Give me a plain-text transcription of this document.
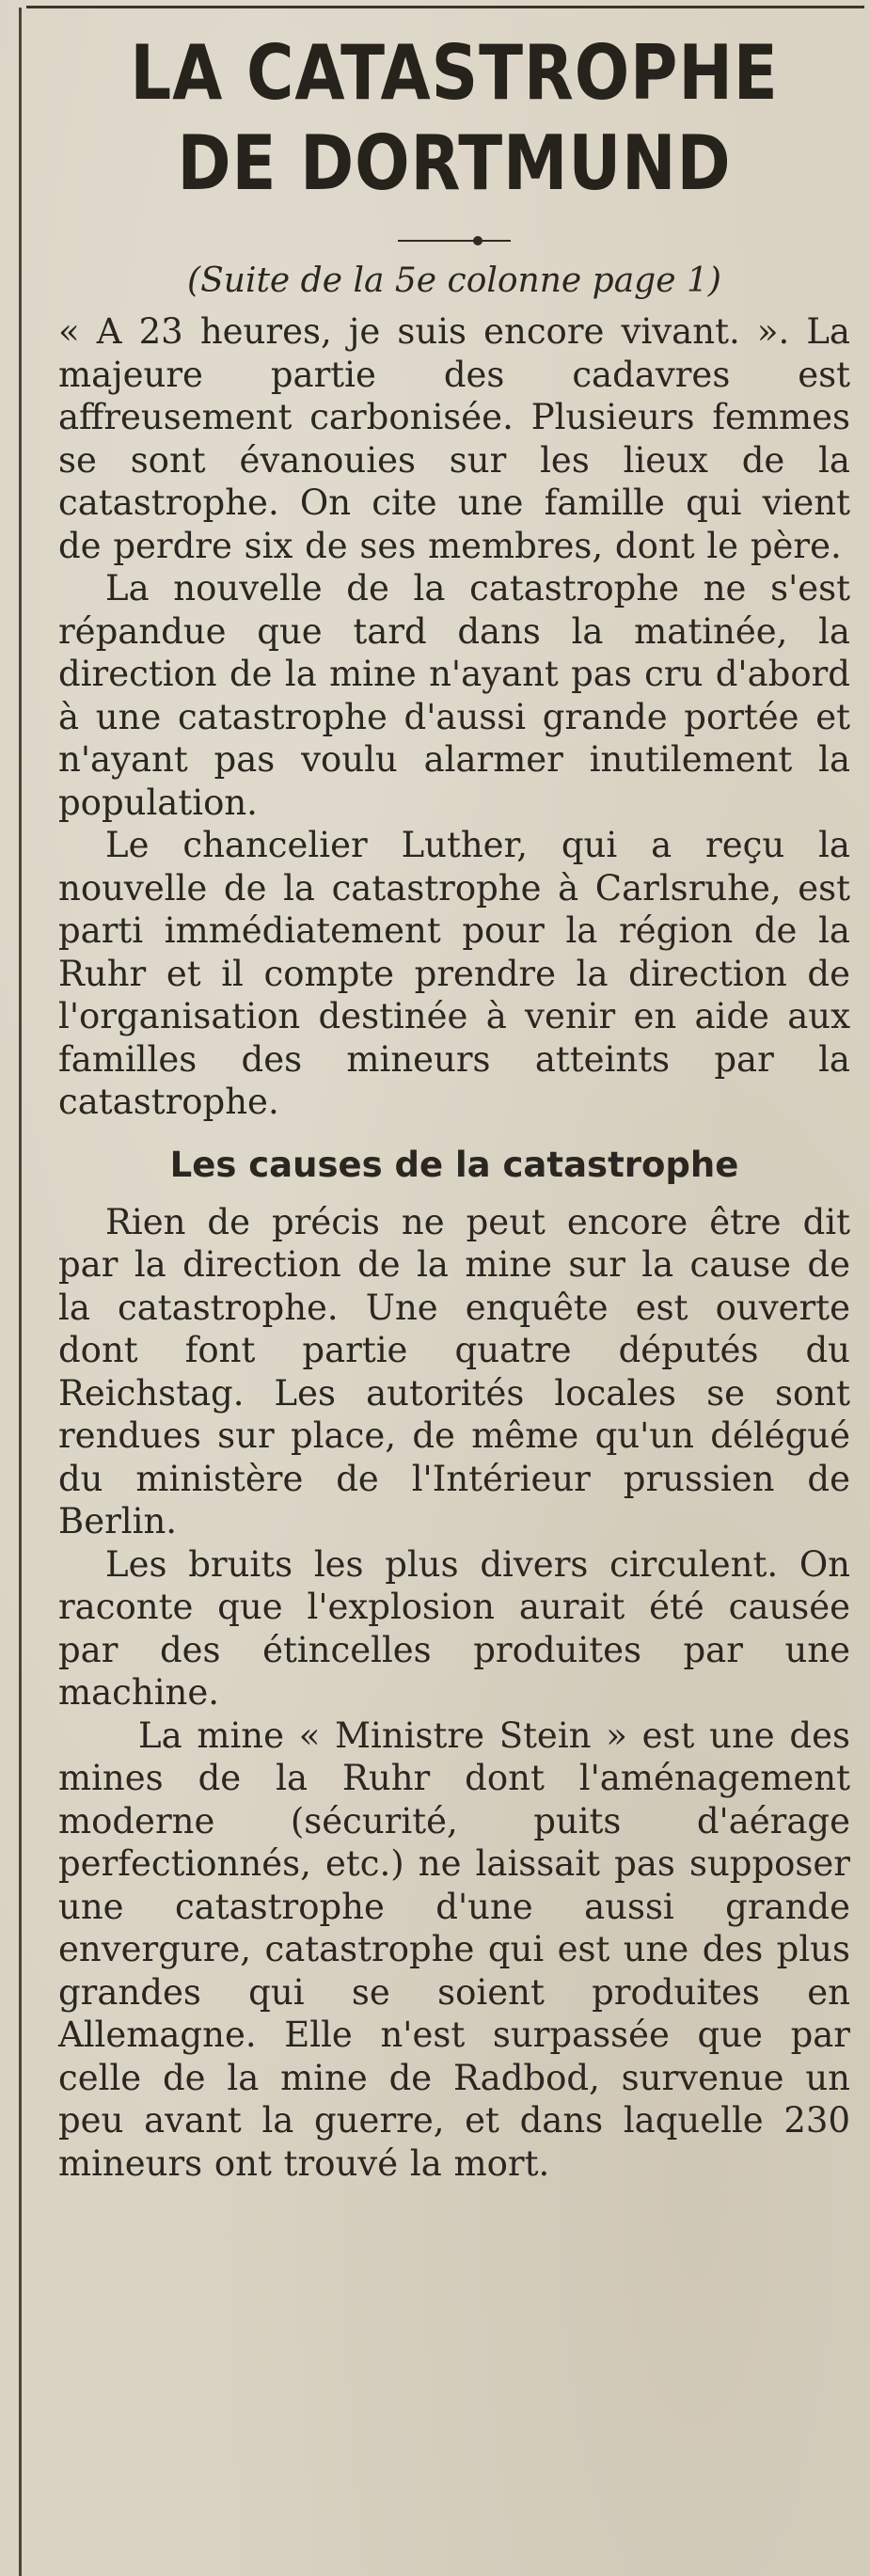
LA CATASTROPHE
DE DORTMUND
(Suite de la 5e colonne page 1)

« A 23 heures, je suis encore vivant. ». La majeure partie des cadavres est affreusement carbonisée. Plusieurs femmes se sont évanouies sur les lieux de la catastrophe. On cite une famille qui vient de perdre six de ses membres, dont le père.

La nouvelle de la catastrophe ne s'est répandue que tard dans la matinée, la direction de la mine n'ayant pas cru d'abord à une catastrophe d'aussi grande portée et n'ayant pas voulu alarmer inutilement la population.

Le chancelier Luther, qui a reçu la nouvelle de la catastrophe à Carlsruhe, est parti immédiatement pour la région de la Ruhr et il compte prendre la direction de l'organisation destinée à venir en aide aux familles des mineurs atteints par la catastrophe.

Les causes de la catastrophe

Rien de précis ne peut encore être dit par la direction de la mine sur la cause de la catastrophe. Une enquête est ouverte dont font partie quatre députés du Reichstag. Les autorités locales se sont rendues sur place, de même qu'un délégué du ministère de l'Intérieur prussien de Berlin.

Les bruits les plus divers circulent. On raconte que l'explosion aurait été causée par des étincelles produites par une machine.

La mine « Ministre Stein » est une des mines de la Ruhr dont l'aménagement moderne (sécurité, puits d'aérage perfectionnés, etc.) ne laissait pas supposer une catastrophe d'une aussi grande envergure, catastrophe qui est une des plus grandes qui se soient produites en Allemagne. Elle n'est surpassée que par celle de la mine de Radbod, survenue un peu avant la guerre, et dans laquelle 230 mineurs ont trouvé la mort.
